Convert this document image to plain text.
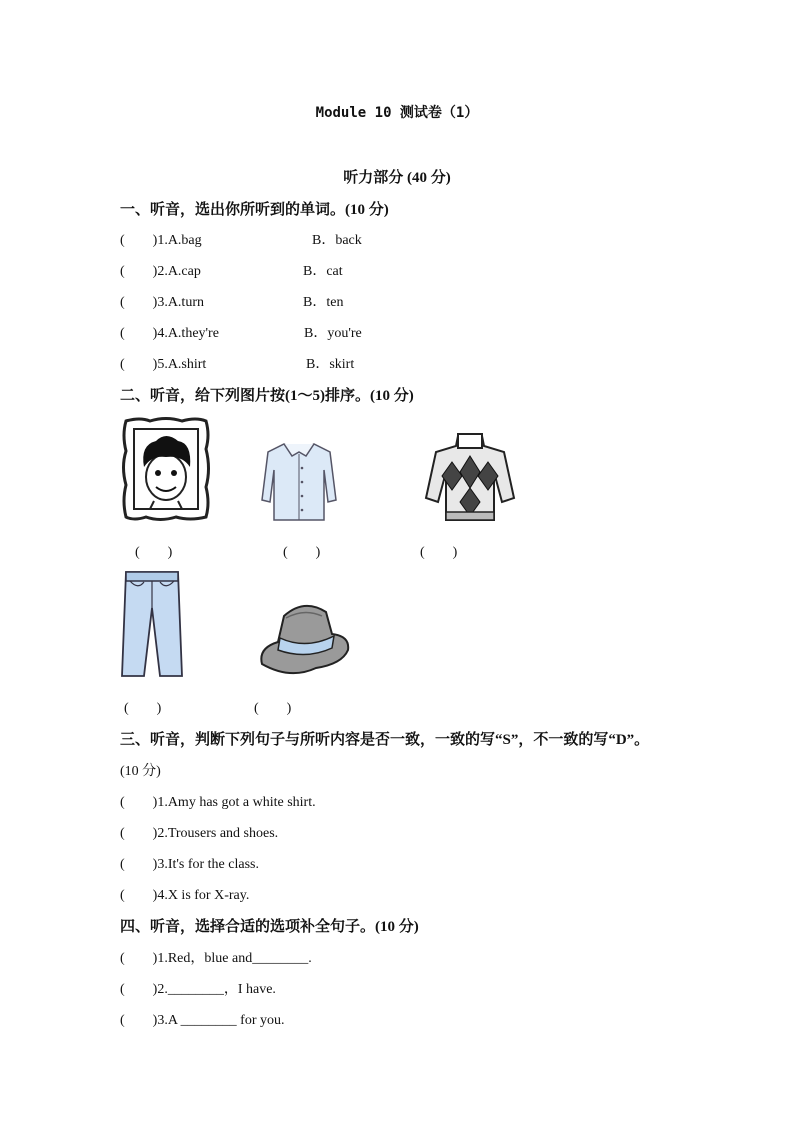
Module 10 测试卷（1）
听力部分 (40 分)
一、听音，选出你所听到的单词。(10 分)
(　　)1.A.bag	B．back
(　　)2.A.cap	B．cat
(　　)3.A.turn	B．ten
(　　)4.A.they're	B．you're
(　　)5.A.shirt	B．skirt
二、听音，给下列图片按(1～5)排序。(10 分)
(　　)	(　　)	(　　)
(　　)	(　　)
三、听音，判断下列句子与所听内容是否一致，一致的写“S”，不一致的写“D”。
(10 分)
(　　)1.Amy has got a white shirt.
(　　)2.Trousers and shoes.
(　　)3.It's for the class.
(　　)4.X is for X-ray.
四、听音，选择合适的选项补全句子。(10 分)
(　　)1.Red，blue and________.
(　　)2.________，I have.
(　　)3.A ________ for you.
